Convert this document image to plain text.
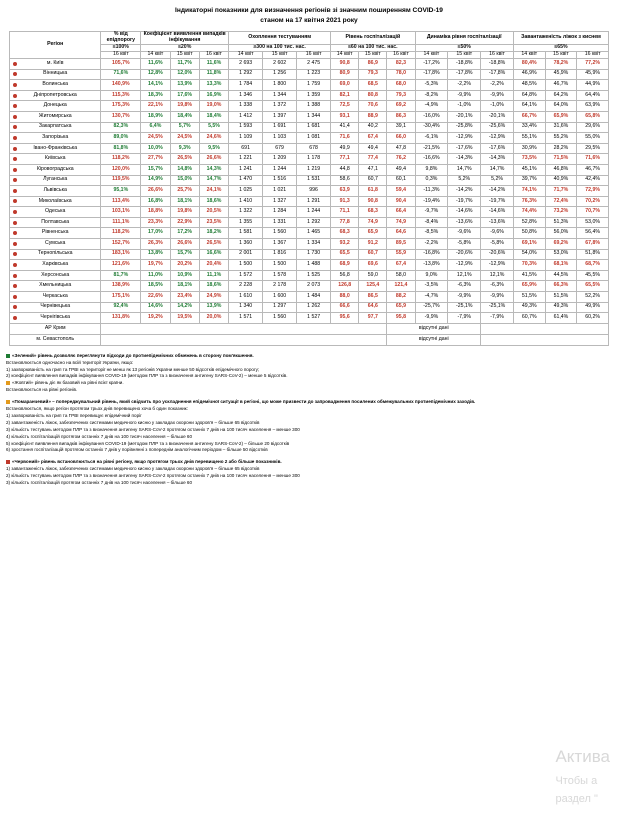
Індикаторні показники для визначення регіонів зі значним поширенням COVID-19
станом на 17 квітня 2021 року
Регіон	% від епідпорогу	Коефіцієнт виявлення випадків інфікування			Охоплення тестуванням			Рівень госпіталізацій			Динаміка рівня госпіталізації			Завантаженість ліжок з киснем		
	≤100%	≤20%			≥300 на 100 тис. нас.			≤60 на 100 тис. нас.			≤50%			≤65%		
	16 квіт	14 квіт	15 квіт	16 квіт	14 квіт	15 квіт	16 квіт	14 квіт	15 квіт	16 квіт	14 квіт	15 квіт	16 квіт	14 квіт	15 квіт	16 квіт

м. Київ	105,7%	11,6%	11,7%	11,6%	2 693	2 602	2 475	90,8	86,9	82,3	-17,2%	-18,8%	-18,8%	80,4%	78,2%	77,2%

Вінницька	71,6%	12,8%	12,0%	11,8%	1 292	1 256	1 223	80,9	79,3	78,0	-17,8%	-17,8%	-17,8%	46,9%	45,9%	45,9%

Волинська	140,9%	14,1%	13,9%	13,3%	1 784	1 800	1 759	69,0	68,5	68,0	-5,3%	-2,2%	-2,2%	48,5%	46,7%	44,9%

Дніпропетровська	115,3%	18,3%	17,6%	16,9%	1 346	1 344	1 359	82,1	80,8	79,3	-8,2%	-9,9%	-9,9%	64,8%	64,2%	64,4%

Донецька	175,3%	22,1%	19,8%	19,0%	1 338	1 372	1 388	72,5	70,6	69,2	-4,9%	-1,0%	-1,0%	64,1%	64,0%	63,9%

Житомирська	130,7%	18,9%	18,4%	18,4%	1 412	1 397	1 344	93,1	88,9	86,3	-16,0%	-20,1%	-20,1%	66,7%	65,9%	65,8%

Закарпатська	82,3%	6,4%	5,7%	5,5%	1 593	1 691	1 681	41,4	40,2	39,1	-30,4%	-25,8%	-25,6%	33,4%	31,6%	29,6%

Запорізька	89,0%	24,5%	24,5%	24,6%	1 109	1 103	1 081	71,6	67,4	66,0	-6,1%	-12,9%	-12,9%	55,1%	55,2%	55,0%

Івано-Франківська	81,8%	10,0%	9,3%	9,5%	691	679	678	49,9	49,4	47,8	-21,5%	-17,6%	-17,6%	30,9%	28,2%	29,5%

Київська	118,2%	27,7%	26,5%	26,6%	1 221	1 209	1 178	77,1	77,4	76,2	-16,6%	-14,3%	-14,3%	73,5%	71,5%	71,6%

Кіровоградська	120,0%	15,7%	14,8%	14,3%	1 241	1 244	1 219	44,8	47,1	49,4	9,8%	14,7%	14,7%	45,1%	46,8%	46,7%

Луганська	119,5%	14,9%	15,0%	14,7%	1 470	1 516	1 531	58,6	60,7	60,1	0,3%	5,2%	5,2%	39,7%	40,9%	42,4%

Львівська	95,1%	26,6%	25,7%	24,1%	1 025	1 021	996	63,9	61,8	59,4	-11,3%	-14,2%	-14,2%	74,1%	71,7%	72,9%

Миколаївська	113,4%	16,8%	18,1%	18,6%	1 410	1 327	1 291	91,3	90,8	90,4	-19,4%	-19,7%	-19,7%	76,3%	72,4%	70,2%

Одеська	103,1%	18,8%	19,8%	20,5%	1 322	1 284	1 244	71,1	68,3	66,4	-9,7%	-14,6%	-14,6%	74,4%	73,2%	70,7%

Полтавська	111,1%	23,3%	22,9%	23,5%	1 355	1 331	1 292	77,8	74,9	74,9	-8,4%	-13,6%	-13,6%	52,8%	51,3%	53,0%

Рівненська	118,2%	17,0%	17,2%	18,2%	1 581	1 560	1 465	68,3	65,9	64,6	-8,5%	-9,6%	-9,6%	50,8%	56,0%	56,4%

Сумська	152,7%	26,3%	26,6%	26,5%	1 360	1 367	1 334	93,2	91,2	89,5	-2,2%	-5,8%	-5,8%	69,1%	69,2%	67,8%

Тернопільська	183,1%	13,8%	15,7%	16,6%	2 001	1 816	1 730	65,5	60,7	55,9	-16,8%	-20,6%	-20,6%	54,0%	53,0%	51,8%

Харківська	121,6%	19,7%	20,2%	20,4%	1 500	1 500	1 488	68,9	69,6	67,4	-13,8%	-12,9%	-12,9%	70,3%	68,1%	68,7%

Херсонська	81,7%	11,0%	10,9%	11,1%	1 572	1 578	1 525	56,8	59,0	58,0	9,0%	12,1%	12,1%	41,5%	44,5%	45,5%

Хмельницька	138,9%	18,5%	18,1%	18,6%	2 228	2 178	2 073	126,8	125,4	121,4	-3,5%	-6,3%	-6,3%	65,9%	66,3%	65,5%

Черкаська	175,1%	22,6%	23,4%	24,9%	1 610	1 600	1 484	88,0	86,5	88,2	-4,7%	-9,9%	-9,9%	51,5%	51,5%	52,2%

Чернівецька	92,4%	14,6%	14,2%	13,9%	1 340	1 297	1 262	66,6	64,6	65,9	-25,7%	-25,1%	-25,1%	49,3%	49,3%	49,9%

Чернігівська	131,8%	19,2%	19,5%	20,0%	1 571	1 560	1 527	95,6	97,7	95,8	-9,9%	-7,9%	-7,9%	60,7%	61,4%	60,2%
АР Крим										відсутні дані						
м. Севастополь										відсутні дані						

«Зелений» рівень дозволяє переглянути підходи до протиепідемічних обмежень в сторону пом'якшення.

Встановлюється одночасно на всій території України, якщо:

1) захворюваність на грип та ГРВІ на території не менш як 13 регіонів України менше 50 відсотків епідемічного порогу;

2) коефіцієнт виявлення випадків інфікування COVID-19 (методом ПЛР та з визначення антигену SARS-CoV-2) – менше 5 відсотків.

«Жовтий» рівень діє як базовий на рівні всієї країни.

Встановлюється на рівні регіонів.

«Помаранчевий» – попереджувальний рівень, який свідчить про ускладнення епідемічної ситуації в регіоні, що може призвести до запровадження посилених обмежувальних протиепідемічних заходів.

Встановлюється, якщо регіон протягом трьох днів перевищено хоча б один показник:

1) захворюваність на грип та ГРВІ перевищує епідемічний поріг

2) завантаженість ліжок, забезпечених системами медичного кисню у закладах охорони здоров'я – більше 65 відсотків

3) кількість тестувань методом ПЛР та з визначення антигену SARS-CoV-2 протягом останніх 7 днів на 100 тисяч населення – менше 300

4) кількість госпіталізацій протягом останніх 7 днів на 100 тисяч населення – більше 60

5) коефіцієнт виявлення випадків інфікування COVID-19 (методом ПЛР та з визначення антигену SARS-CoV-2) – більше 20 відсотків

6) зростання госпіталізацій протягом останніх 7 днів у порівнянні з попереднім аналогічним періодом – більше 50 відсотків

«Червоний» рівень встановлюється на рівні регіону, якщо протягом трьох днів перевищено 2 або більше показників.

1) завантаженість ліжок, забезпечених системами медичного кисню у закладах охорони здоров'я – більше 65 відсотків

2) кількість тестувань методом ПЛР та з визначення антигену SARS-CoV-2 протягом останніх 7 днів на 100 тисяч населення – менше 300

3) кількість госпіталізацій протягом останніх 7 днів на 100 тисяч населення – більше 60

Актива
Чтобы а
раздел "
